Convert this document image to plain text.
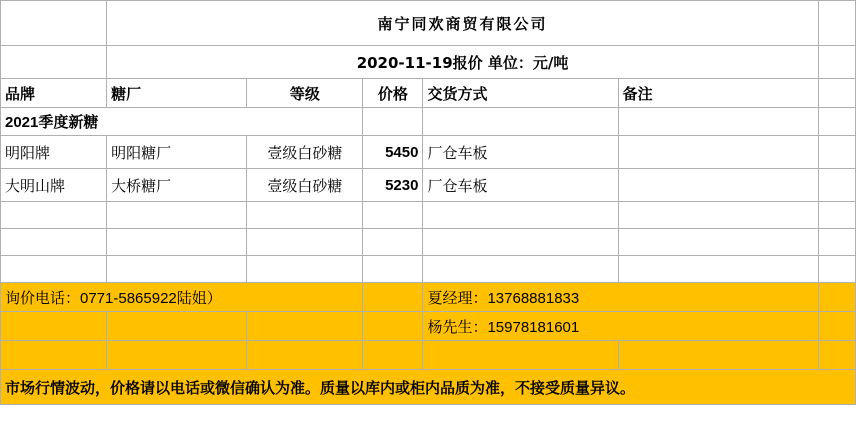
	南宁同欢商贸有限公司					
	2020-11-19报价 单位：元/吨					
品牌	糖厂	等级	价格	交货方式	备注	
2021季度新糖						
明阳牌	明阳糖厂	壹级白砂糖	5450	厂仓车板		
大明山牌	大桥糖厂	壹级白砂糖	5230	厂仓车板		

询价电话：0771-5865922陆姐）				夏经理：13768881833		
				杨先生：15978181601		

市场行情波动，价格请以电话或微信确认为准。质量以库内或柜内品质为准，不接受质量异议。						
